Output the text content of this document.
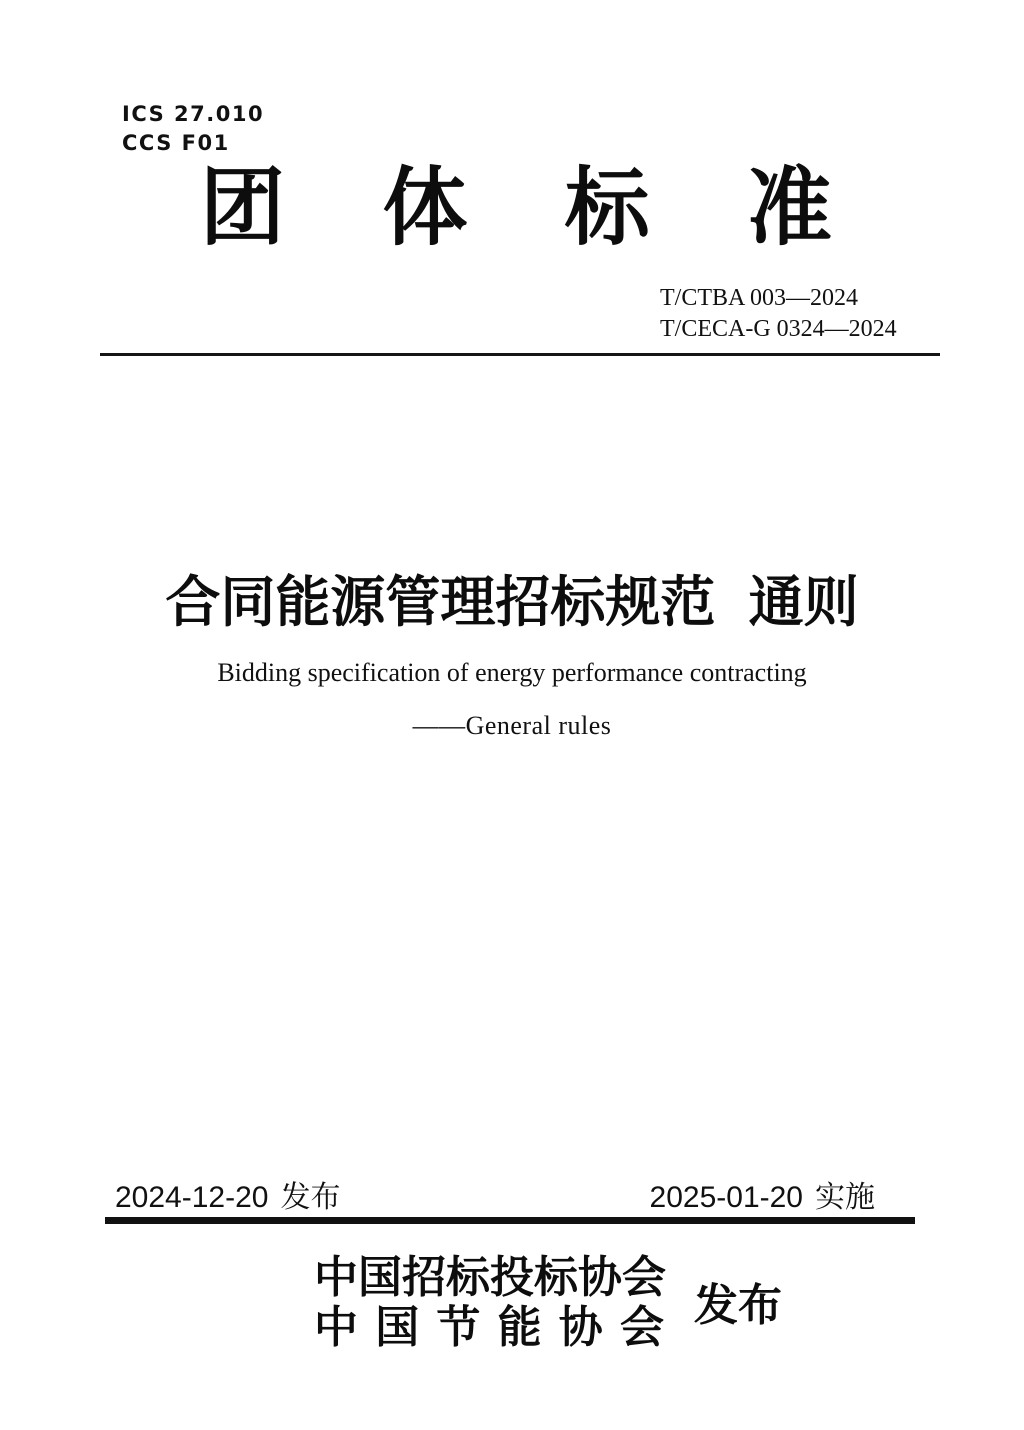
ICS 27.010
CCS F01
团 体 标 准
T/CTBA 003—2024
T/CECA-G 0324—2024
合同能源管理招标规范 通则
Bidding specification of energy performance contracting
——General rules
2024-12-20 发布	2025-01-20 实施
中国招标投标协会
中国节能协会 发布
